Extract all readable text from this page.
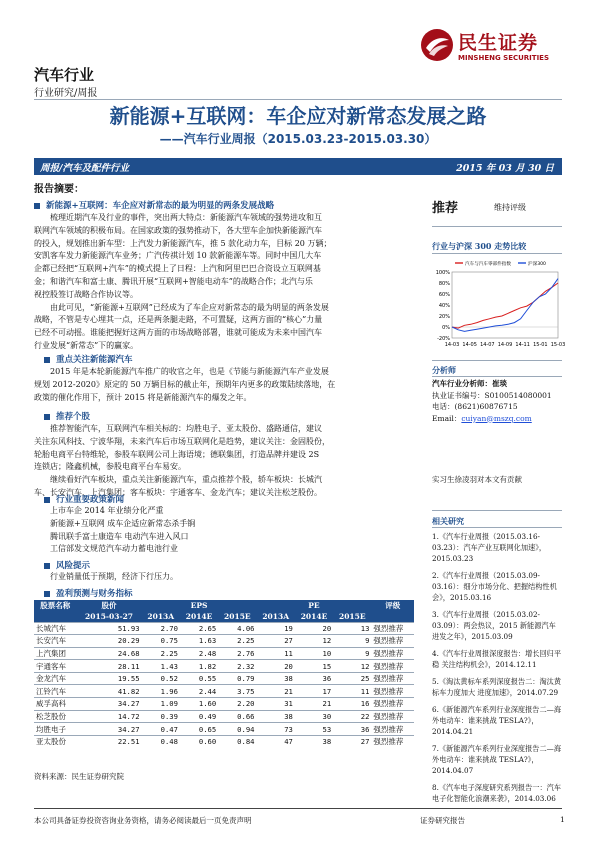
汽车行业
行业研究/周报
民生证券
MINSHENG SECURITIES
新能源+互联网：车企应对新常态发展之路
——汽车行业周报（2015.03.23-2015.03.30）
周报/汽车及配件行业	2015 年 03 月 30 日
报告摘要：
新能源+互联网：车企应对新常态的最为明显的两条发展战略
梳理近期汽车及行业的事件，突出两大特点：新能源汽车领域的强势进攻和互
联网汽车领域的积极布局。在国家政策的强势推动下，各大型车企加快新能源汽车
的投入，规划推出新车型：上汽发力新能源汽车，推 5 款化动力车，目标 20 万辆；
安凯客车发力新能源汽车业务；广汽传祺计划 10 款新能源车等。同时中国几大车
企都已经把“互联网+汽车”的模式提上了日程：上汽和阿里巴巴合资设立互联网基
金；和谐汽车和富士康、腾讯开展“互联网+智能电动车”的战略合作；北汽与乐
视控股签订战略合作协议等。
由此可见，“新能源+互联网”已经成为了车企应对新常态的最为明显的两条发展
战略，不管是专心埋其一点，还是两条腿走路，不可置疑，这两方面的“核心”力量
已经不可动摇。谁能把握好这两方面的市场战略部署，谁就可能成为未来中国汽车
行业发展“新常态”下的赢家。
重点关注新能源汽车
2015 年是本轮新能源汽车推广的收官之年，也是《节能与新能源汽车产业发展
规划 2012-2020》原定的 50 万辆目标的截止年，预期年内更多的政策陆续落地，在
政策的催化作用下，预计 2015 将是新能源汽车的爆发之年。
推荐个股
推荐智能汽车，互联网汽车相关标的：均胜电子、亚太股份、盛路通信，建议
关注东风科技、宁波华翔，未来汽车后市场互联网化是趋势，建议关注：金固股份，
轮胎电商平台特维轮，参股车联网公司上海语境；德联集团，打造品牌并建设 2S
连锁店；隆鑫机械，参股电商平台车易安。
继续看好汽车板块，重点关注新能源汽车，重点推荐个股，轿车板块：长城汽
车、长安汽车、上汽集团；客车板块：宇通客车、金龙汽车；建议关注松芝股份。
行业重要政策新闻
上市车企 2014 年业绩分化严重
新能源+互联网 成车企适应新常态杀手锏
腾讯联手富士康造车 电动汽车进入风口
工信部发文规范汽车动力蓄电池行业
风险提示
行业销量低于预期，经济下行压力。
盈利预测与财务指标
股票名称	股价	EPS			PE			评级
	2015-03-27	2013A	2014E	2015E	2013A	2014E	2015E	
长城汽车	51.93	2.70	2.65	4.06	19	20	13	强烈推荐
长安汽车	20.29	0.75	1.63	2.25	27	12	9	强烈推荐
上汽集团	24.68	2.25	2.48	2.76	11	10	9	强烈推荐
宇通客车	28.11	1.43	1.82	2.32	20	15	12	强烈推荐
金龙汽车	19.55	0.52	0.55	0.79	38	36	25	强烈推荐
江铃汽车	41.82	1.96	2.44	3.75	21	17	11	强烈推荐
威孚高科	34.27	1.09	1.60	2.20	31	21	16	强烈推荐
松芝股份	14.72	0.39	0.49	0.66	38	30	22	强烈推荐
均胜电子	34.27	0.47	0.65	0.94	73	53	36	强烈推荐
亚太股份	22.51	0.48	0.60	0.84	47	38	27	强烈推荐
资料来源：民生证券研究院
推荐	维持评级
行业与沪深 300 走势比较
100%
80%
60%
40%
20%
0%
-20%
14-03 14-05 14-07 14-09 14-11 15-01 15-03
汽车与汽车零部件指数	沪深300
分析师
汽车行业分析师：崔琰
执业证书编号：S0100514080001
电话：(8621)60876715
Email：cuiyan@mszq.com
实习生徐凌羽对本文有贡献
相关研究
1.《汽车行业周报（2015.03.16-03.23）：汽车产业互联网化加速》，2015.03.23
2.《汽车行业周报（2015.03.09-03.16）：细分市场分化、把握结构性机会》，2015.03.16
3.《汽车行业周报（2015.03.02-03.09）：两会热议，2015 新能源汽车进发之年》，2015.03.09
4.《汽车行业周报深度报告：增长回归平稳 关注结构机会》，2014.12.11
5.《淘汰黄标车系列深度报告二：淘汰黄标车力度加大 进度加速》，2014.07.29
6.《新能源汽车系列行业深度报告二—海外电动车：谁来挑战 TESLA?》，2014.04.21
7.《新能源汽车系列行业深度报告二—海外电动车：谁来挑战 TESLA?》，2014.04.07
8.《汽车电子深度研究系列报告一：汽车电子化智能化浪潮来袭》，2014.03.06
本公司具备证券投资咨询业务资格，请务必阅读最后一页免责声明	证券研究报告	1
